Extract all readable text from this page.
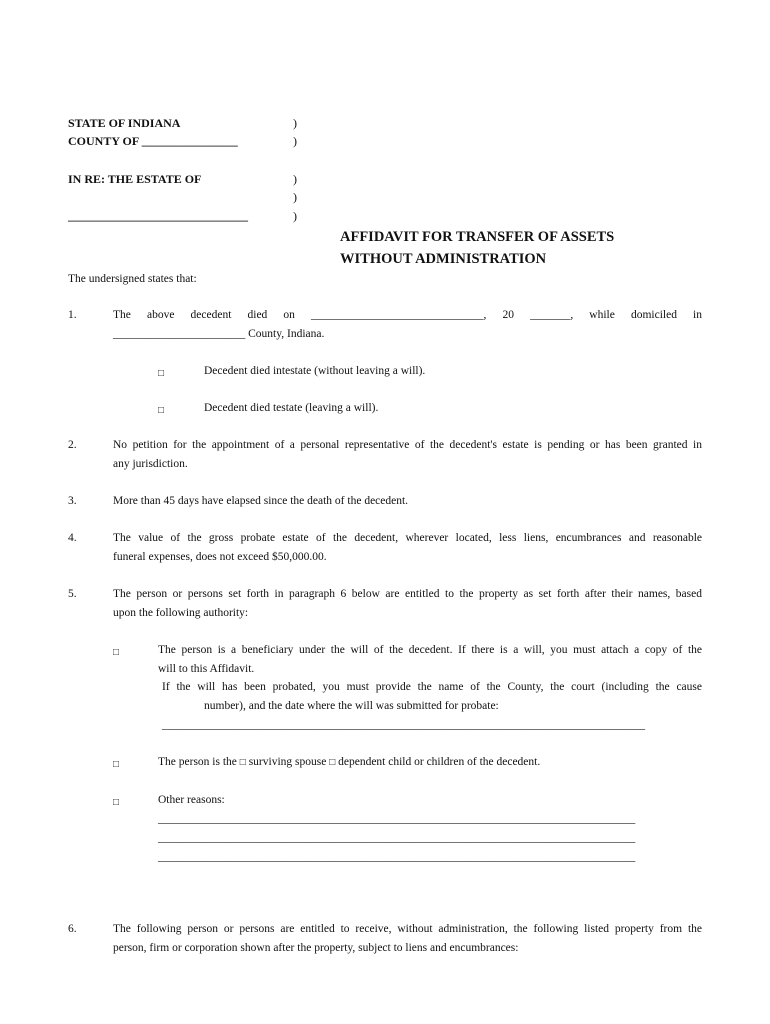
STATE OF INDIANA
COUNTY OF ________________
IN RE: THE ESTATE OF
______________________________
)
)
)
)
)
AFFIDAVIT FOR TRANSFER OF ASSETS
WITHOUT ADMINISTRATION
The undersigned states that:
1.	The above decedent died on ______________________________, 20 _______, while domiciled in
_______________________ County, Indiana.
□	Decedent died intestate (without leaving a will).
□	Decedent died testate (leaving a will).
2.	No petition for the appointment of a personal representative of the decedent's estate is pending or has been granted in
any jurisdiction.
3.	More than 45 days have elapsed since the death of the decedent.
4.	The value of the gross probate estate of the decedent, wherever located, less liens, encumbrances and reasonable
funeral expenses, does not exceed $50,000.00.
5.	The person or persons set forth in paragraph 6 below are entitled to the property as set forth after their names, based
upon the following authority:
□	The person is a beneficiary under the will of the decedent. If there is a will, you must attach a copy of the
will to this Affidavit.
If the will has been probated, you must provide the name of the County, the court (including the cause
number), and the date where the will was submitted for probate:
____________________________________________________________________________________
□	The person is the □ surviving spouse □ dependent child or children of the decedent.
□	Other reasons:
___________________________________________________________________________________
___________________________________________________________________________________
___________________________________________________________________________________
6.	The following person or persons are entitled to receive, without administration, the following listed property from the
person, firm or corporation shown after the property, subject to liens and encumbrances:
